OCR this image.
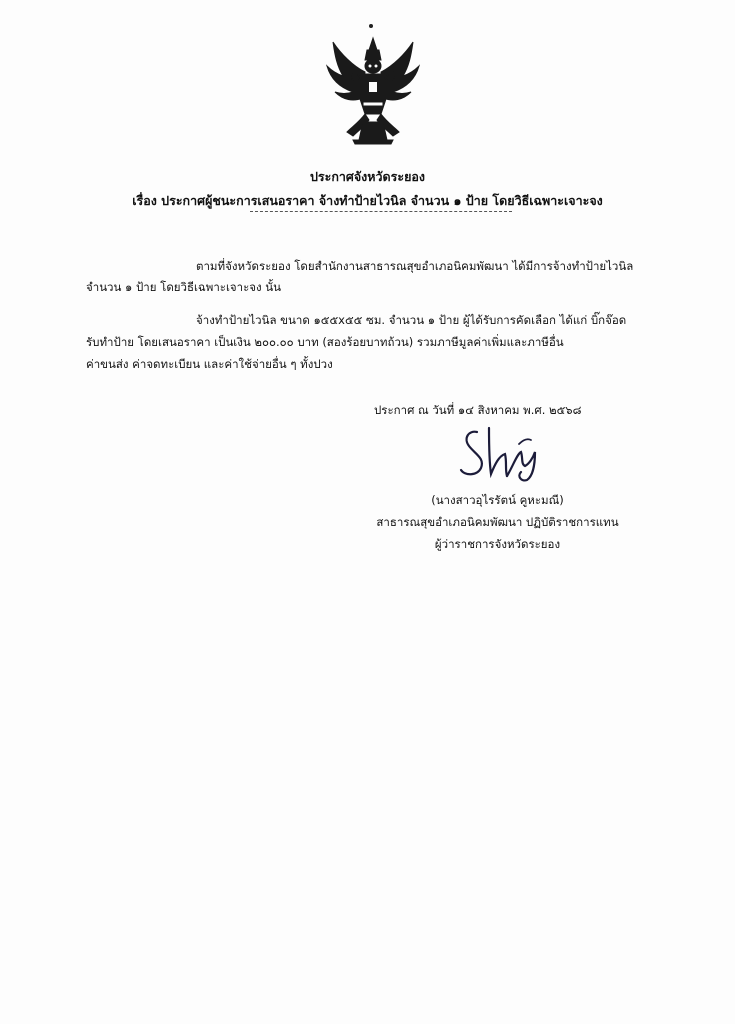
ประกาศจังหวัดระยอง
เรื่อง ประกาศผู้ชนะการเสนอราคา จ้างทำป้ายไวนิล จำนวน ๑ ป้าย โดยวิธีเฉพาะเจาะจง
ตามที่จังหวัดระยอง โดยสำนักงานสาธารณสุขอำเภอนิคมพัฒนา ได้มีการจ้างทำป้ายไวนิล
จำนวน ๑ ป้าย โดยวิธีเฉพาะเจาะจง นั้น
จ้างทำป้ายไวนิล ขนาด ๑๕๕x๕๕ ซม. จำนวน ๑ ป้าย ผู้ได้รับการคัดเลือก ได้แก่ บิ๊กจ๊อด
รับทำป้าย โดยเสนอราคา เป็นเงิน ๒๐๐.๐๐ บาท (สองร้อยบาทถ้วน) รวมภาษีมูลค่าเพิ่มและภาษีอื่น
ค่าขนส่ง ค่าจดทะเบียน และค่าใช้จ่ายอื่น ๆ ทั้งปวง
ประกาศ ณ วันที่ ๑๔ สิงหาคม พ.ศ. ๒๕๖๘
(นางสาวอุไรรัตน์ คูหะมณี)
สาธารณสุขอำเภอนิคมพัฒนา ปฏิบัติราชการแทน
ผู้ว่าราชการจังหวัดระยอง
